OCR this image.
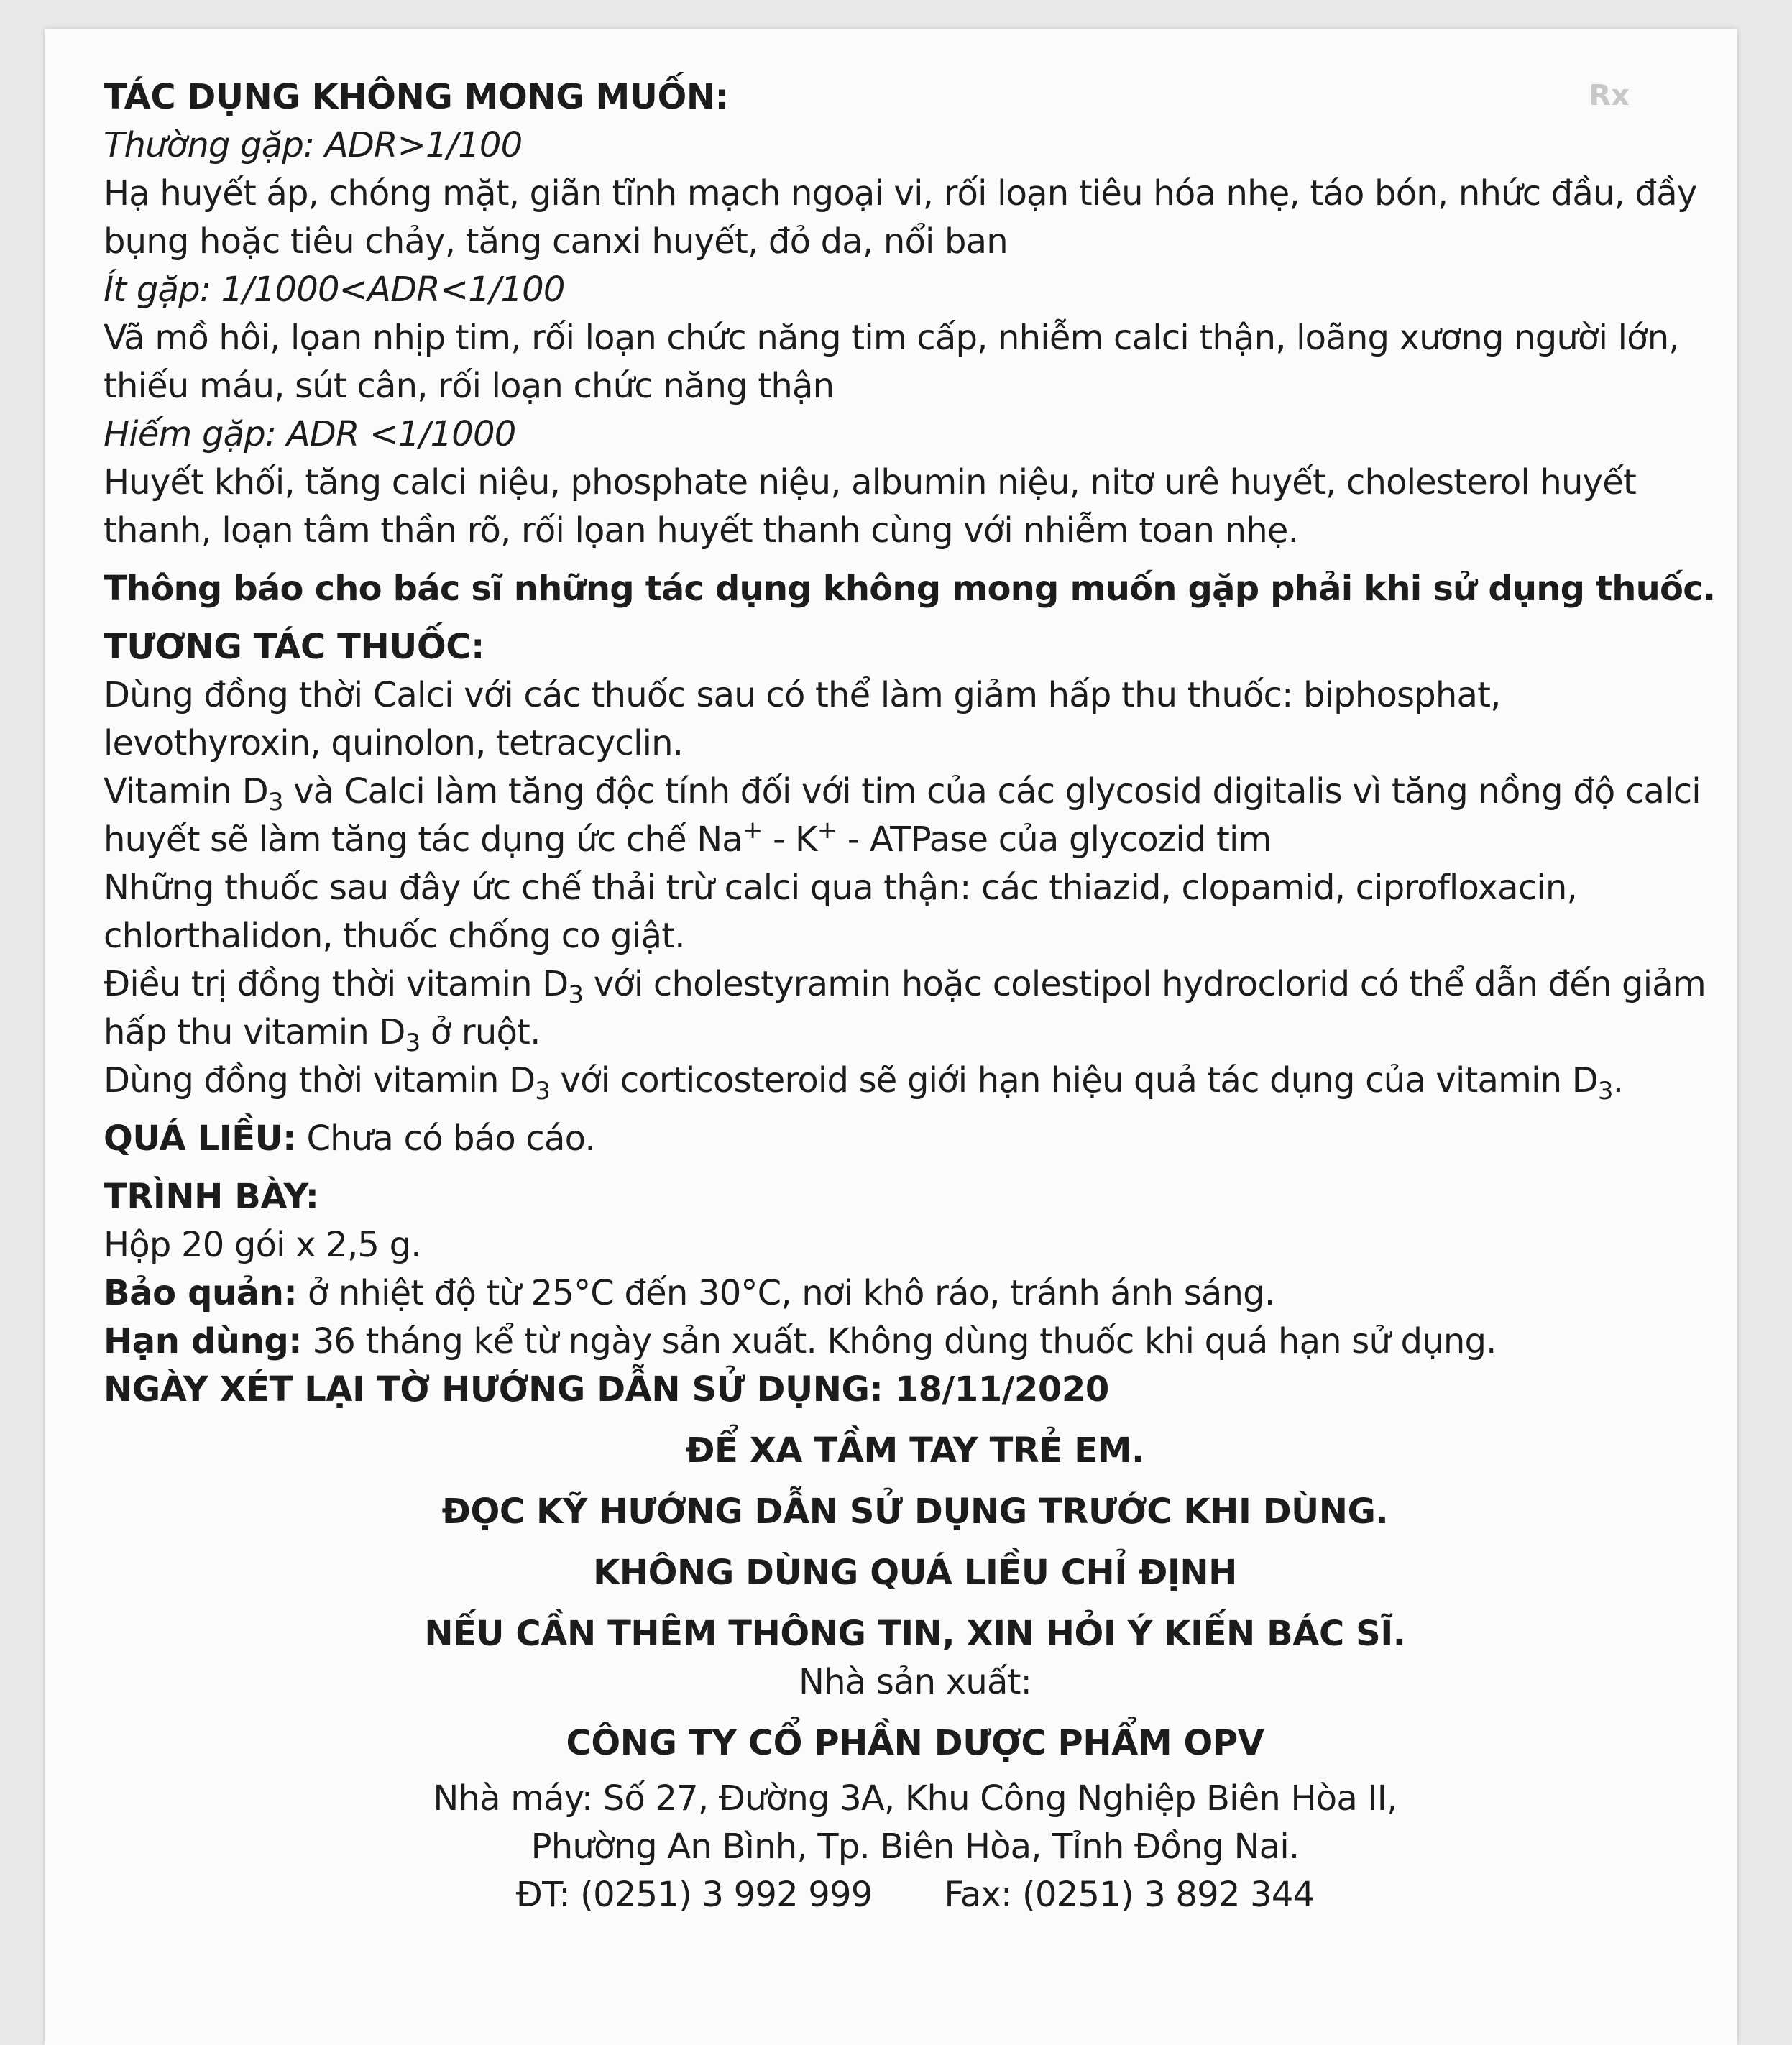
Rx

TÁC DỤNG KHÔNG MONG MUỐN:

Thường gặp: ADR>1/100

Hạ huyết áp, chóng mặt, giãn tĩnh mạch ngoại vi, rối loạn tiêu hóa nhẹ, táo bón, nhức đầu, đầy bụng hoặc tiêu chảy, tăng canxi huyết, đỏ da, nổi ban

Ít gặp: 1/1000<ADR<1/100

Vã mồ hôi, lọan nhịp tim, rối loạn chức năng tim cấp, nhiễm calci thận, loãng xương người lớn, thiếu máu, sút cân, rối loạn chức năng thận

Hiếm gặp: ADR <1/1000

Huyết khối, tăng calci niệu, phosphate niệu, albumin niệu, nitơ urê huyết, cholesterol huyết thanh, loạn tâm thần rõ, rối lọan huyết thanh cùng với nhiễm toan nhẹ.

Thông báo cho bác sĩ những tác dụng không mong muốn gặp phải khi sử dụng thuốc.

TƯƠNG TÁC THUỐC:

Dùng đồng thời Calci với các thuốc sau có thể làm giảm hấp thu thuốc: biphosphat, levothyroxin, quinolon, tetracyclin.

Vitamin $D_3$ và Calci làm tăng độc tính đối với tim của các glycosid digitalis vì tăng nồng độ calci huyết sẽ làm tăng tác dụng ức chế Na+ - K+ - ATPase của glycozid tim

Những thuốc sau đây ức chế thải trừ calci qua thận: các thiazid, clopamid, ciprofloxacin, chlorthalidon, thuốc chống co giật.

Điều trị đồng thời vitamin $D_3$ với cholestyramin hoặc colestipol hydroclorid có thể dẫn đến giảm hấp thu vitamin $D_3$ ở ruột.

Dùng đồng thời vitamin $D_3$ với corticosteroid sẽ giới hạn hiệu quả tác dụng của vitamin $D_3$.

QUÁ LIỀU: Chưa có báo cáo.

TRÌNH BÀY:

Hộp 20 gói x 2,5 g.

Bảo quản: ở nhiệt độ từ 25°C đến 30°C, nơi khô ráo, tránh ánh sáng.

Hạn dùng: 36 tháng kể từ ngày sản xuất. Không dùng thuốc khi quá hạn sử dụng.

NGÀY XÉT LẠI TỜ HƯỚNG DẪN SỬ DỤNG: 18/11/2020

ĐỂ XA TẦM TAY TRẺ EM.

ĐỌC KỸ HƯỚNG DẪN SỬ DỤNG TRƯỚC KHI DÙNG.

KHÔNG DÙNG QUÁ LIỀU CHỈ ĐỊNH

NẾU CẦN THÊM THÔNG TIN, XIN HỎI Ý KIẾN BÁC SĨ.

Nhà sản xuất:

CÔNG TY CỔ PHẦN DƯỢC PHẨM OPV

Nhà máy: Số 27, Đường 3A, Khu Công Nghiệp Biên Hòa II,

Phường An Bình, Tp. Biên Hòa, Tỉnh Đồng Nai.

ĐT: (0251) 3 992 999 Fax: (0251) 3 892 344
